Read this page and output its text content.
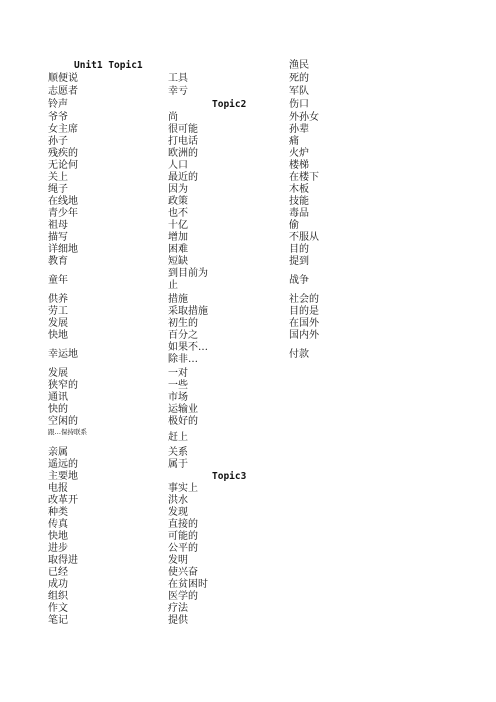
Unit1 Topic1
顺便说
志愿者
铃声
爷爷
女主席
孙子
残疾的
无论何
关上
绳子
在线地
青少年
祖母
描写
详细地
教育
童年
供养
劳工
发展
快地
幸运地
发展
狭窄的
通讯
快的
空闲的
跟…保持联系
亲属
遥远的
主要地
电报
改革开
种类
传真
快地
进步
取得进
已经
成功
组织
作文
笔记
工具
幸亏
Topic2
尚
很可能
打电话
欧洲的
人口
最近的
因为
政策
也不
十亿
增加
困难
短缺
到目前为止
措施
采取措施
初生的
百分之
如果不…除非…
一对
一些
市场
运输业
极好的
赶上
关系
属于
Topic3
事实上
洪水
发现
直接的
可能的
公平的
发明
使兴奋
在贫困时
医学的
疗法
提供
渔民
死的
军队
伤口
外孙女
孙辈
痛
火炉
楼梯
在楼下
木板
技能
毒品
偷
不服从
目的
提到
战争
社会的
目的是
在国外
国内外
付款
